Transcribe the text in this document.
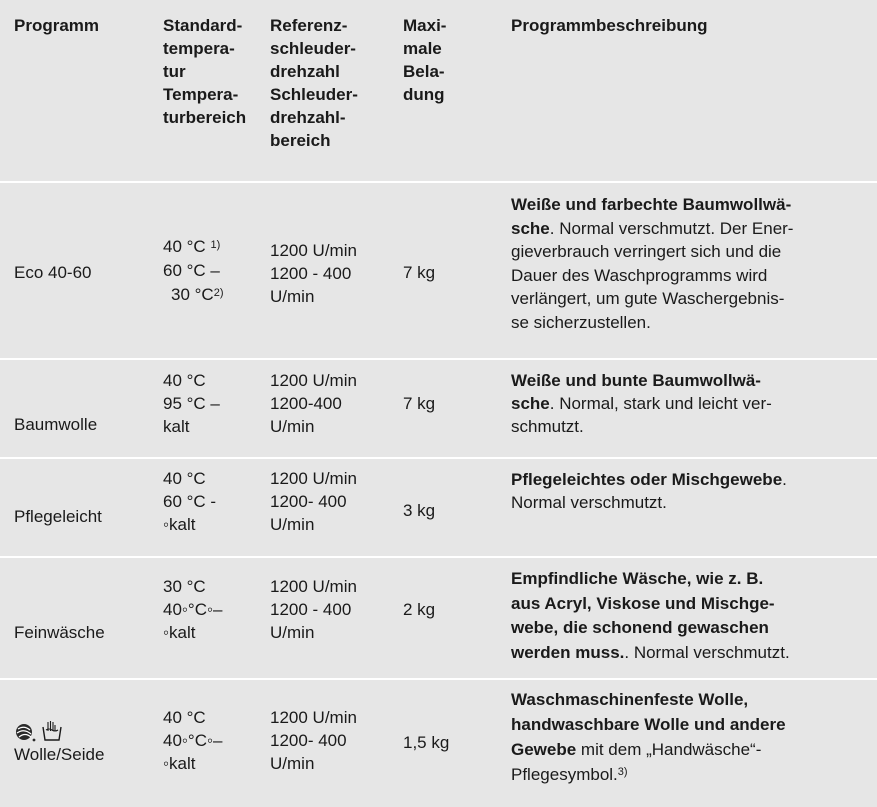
Programm	Standard-
tempera-
tur
Tempera-
turbereich
Referenz-
schleuder-
drehzahl
Schleuder-
drehzahl-
bereich
Maxi-
male
Bela-
dung
Programmbeschreibung
Eco 40-60
40 °C $^{1)}$
60 °C –
30 $^\circ C^{2)}$
1200 U/min
1200 - 400
U/min
7 kg
Weiße und farbechte Baumwollwä-
sche. Normal verschmutzt. Der Ener-
gieverbrauch verringert sich und die
Dauer des Waschprogramms wird
verlängert, um gute Waschergebnis-
se sicherzustellen.
Baumwolle
40 °C
95 °C –
kalt
1200 U/min
1200-400
U/min
7 kg
Weiße und bunte Baumwollwä-
sche. Normal, stark und leicht ver-
schmutzt.
Pflegeleicht
40 °C
60 °C -
◦kalt
1200 U/min
1200- 400
U/min
3 kg
Pflegeleichtes oder Mischgewebe.
Normal verschmutzt.
Feinwäsche
30 °C
40◦°C◦–
◦kalt
1200 U/min
1200 - 400
U/min
2 kg
Empfindliche Wäsche, wie z. B.
aus Acryl, Viskose und Mischge-
webe, die schonend gewaschen
werden muss.. Normal verschmutzt.
Wolle/Seide
40 °C
40◦°C◦–
◦kalt
1200 U/min
1200- 400
U/min
1,5 kg
Waschmaschinenfeste Wolle,
handwaschbare Wolle und andere
Gewebe mit dem „Handwäsche“-
Pflegesymbol.$^{3)}$
